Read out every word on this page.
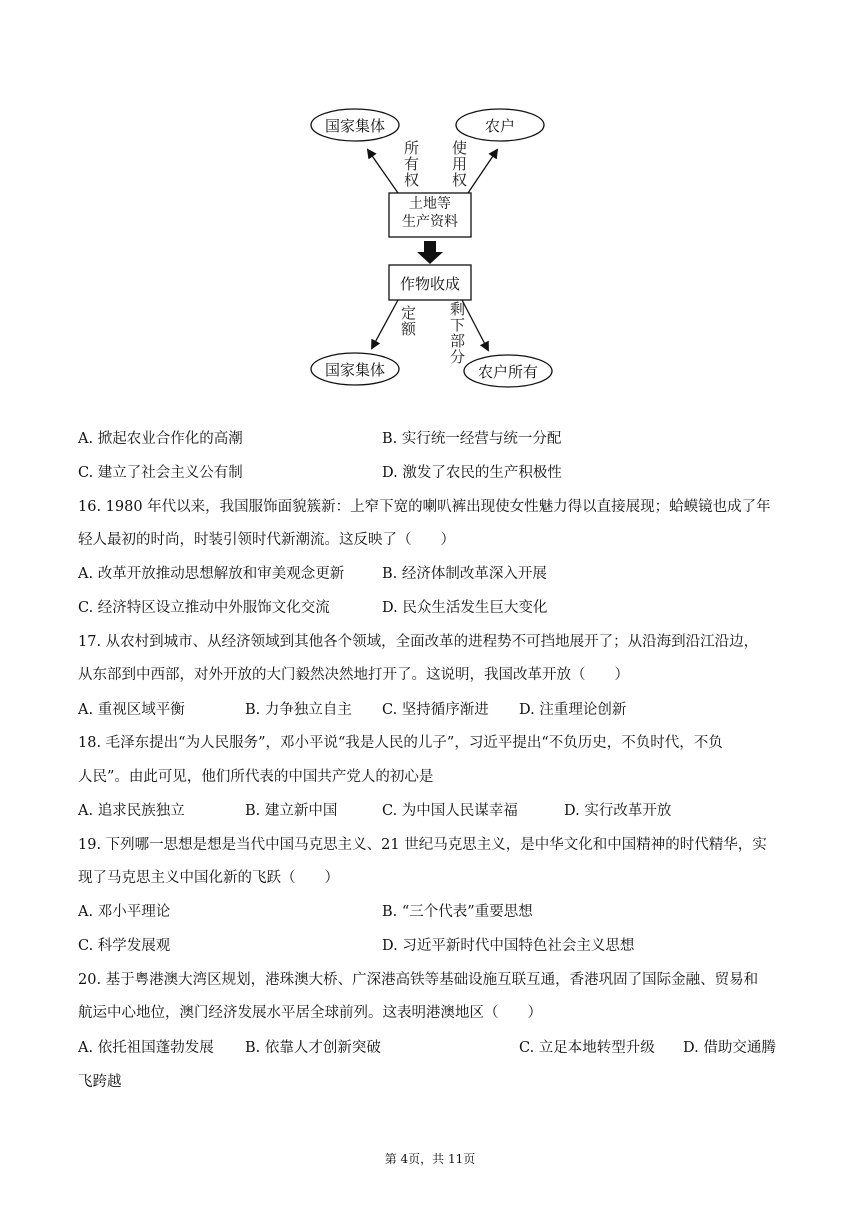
国家集体	农户
所有权 使用权
土地等
生产资料
作物收成
定额 剩下部分
国家集体	农户所有
A. 掀起农业合作化的高潮	B. 实行统一经营与统一分配
C. 建立了社会主义公有制	D. 激发了农民的生产积极性
16. 1980 年代以来，我国服饰面貌簇新：上窄下宽的喇叭裤出现使女性魅力得以直接展现；蛤蟆镜也成了年
轻人最初的时尚，时装引领时代新潮流。这反映了（　　）
A. 改革开放推动思想解放和审美观念更新	B. 经济体制改革深入开展
C. 经济特区设立推动中外服饰文化交流	D. 民众生活发生巨大变化
17. 从农村到城市、从经济领域到其他各个领域，全面改革的进程势不可挡地展开了；从沿海到沿江沿边，
从东部到中西部，对外开放的大门毅然决然地打开了。这说明，我国改革开放（　　）
A. 重视区域平衡	B. 力争独立自主 C. 坚持循序渐进 D. 注重理论创新
18. 毛泽东提出“为人民服务”，邓小平说“我是人民的儿子”，习近平提出“不负历史，不负时代，不负
人民”。由此可见，他们所代表的中国共产党人的初心是
A. 追求民族独立	B. 建立新中国	C. 为中国人民谋幸福	D. 实行改革开放
19. 下列哪一思想是想是当代中国马克思主义、21 世纪马克思主义，是中华文化和中国精神的时代精华，实
现了马克思主义中国化新的飞跃（　　）
A. 邓小平理论	B. “三个代表”重要思想
C. 科学发展观	D. 习近平新时代中国特色社会主义思想
20. 基于粤港澳大湾区规划，港珠澳大桥、广深港高铁等基础设施互联互通，香港巩固了国际金融、贸易和
航运中心地位，澳门经济发展水平居全球前列。这表明港澳地区（　　）
A. 依托祖国蓬勃发展 B. 依靠人才创新突破	C. 立足本地转型升级 D. 借助交通腾
飞跨越
第 4页，共 11页
